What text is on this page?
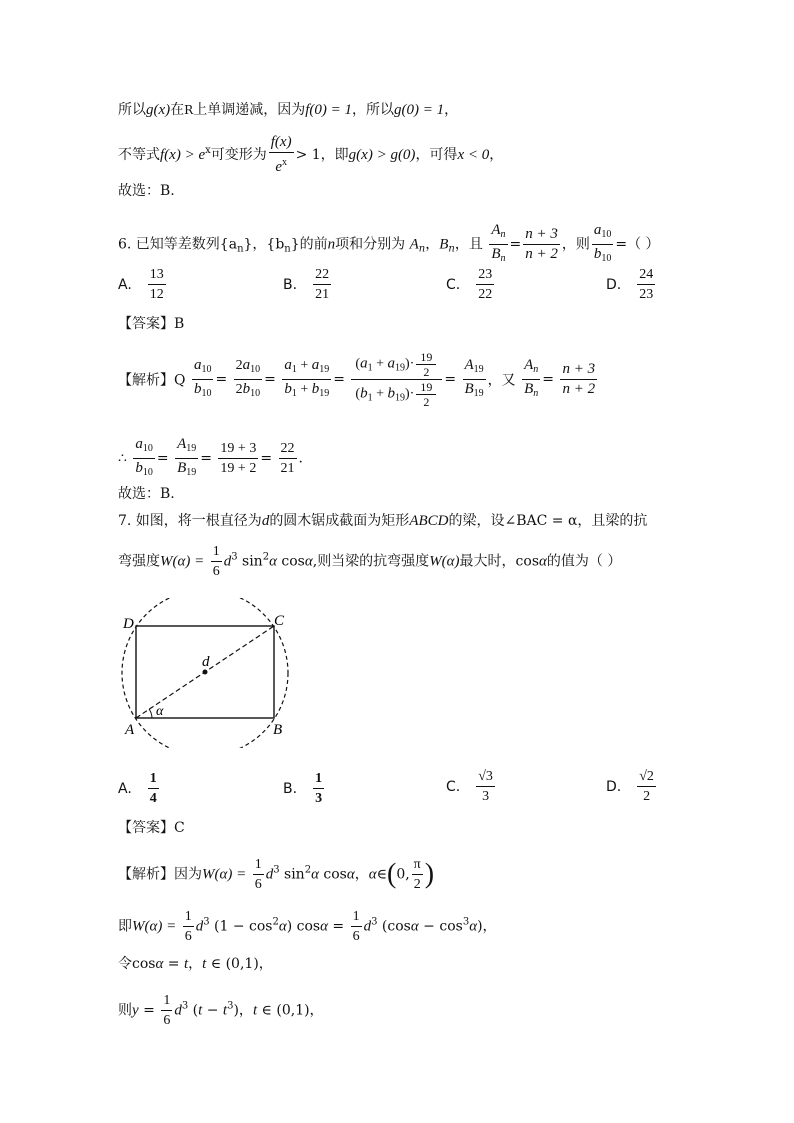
所以g(x)在R上单调递减，因为f(0) = 1，所以g(0) = 1，
不等式$f(x) > e^x$可变形为 $\frac{f(x)}{e^x} > 1$，即g(x) > g(0)，可得x < 0，
故选：B.
6. 已知等差数列$\{a_n\}$，$\{b_n\}$的前n项和分别为 $A_n$，$B_n$，且 $\frac{A_n}{B_n} = \frac{n + 3}{n + 2}$ ，则 $\frac{a_{10}}{b_{10}}$ =（ ）
A. $\frac{13}{12}$	B. $\frac{22}{21}$	C. $\frac{23}{22}$	D. $\frac{24}{23}$
【答案】B
【解析】Q $\frac{a_{10}}{b_{10}} = \frac{2a_{10}}{2b_{10}} = \frac{a_1 + a_{19}}{b_1 + b_{19}} = \frac{(a_1 + a_{19})\cdot \frac{19}{2}}{(b_1 + b_{19})\cdot \frac{19}{2}} = \frac{A_{19}}{B_{19}}$ ，又 $\frac{A_n}{B_n} = \frac{n + 3}{n + 2}$
∴ $\frac{a_{10}}{b_{10}} = \frac{A_{19}}{B_{19}} = \frac{19 + 3}{19 + 2} = \frac{22}{21}$ .
故选：B.
7. 如图，将一根直径为d的圆木锯成截面为矩形ABCD的梁，设∠BAC = α，且梁的抗
弯强度$W(\alpha) = \frac{1}{6} d^3$ $\sin^2\alpha$ cosα,则当梁的抗弯强度W(α)最大时，cosα的值为（ ）
D	C
A	B
d
α
A. $\frac{1}{4}$	B. $\frac{1}{3}$	C. $\frac{√3}{3}$	D. $\frac{√2}{2}$
【答案】C
【解析】因为$W(\alpha) = \frac{1}{6} d^3$ $\sin^2\alpha$ cosα，α∈(0, $\frac{\pi}{2}$ )
即$W(\alpha) = \frac{1}{6} d^3$ $(1 - \cos^2\alpha)$ $\cos\alpha = \frac{1}{6} d^3$ $(\cos\alpha - \cos^3\alpha)$，
令cosα = t，t ∈ (0,1)，
则$y = \frac{1}{6} d^3$ $(t - t^3)$，t ∈ (0,1)，
